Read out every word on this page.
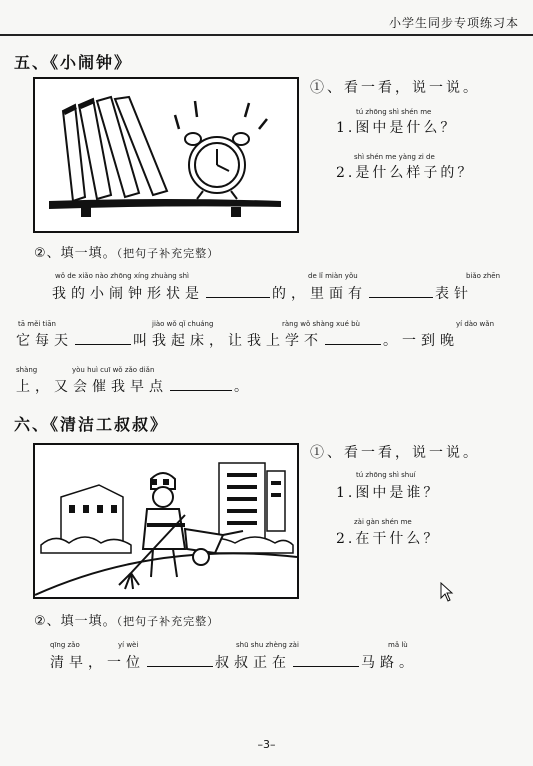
小学生同步专项练习本
五、《小闹钟》
①、看一看，说一说。
tú zhōng shì shén me
1.图中是什么？
shì shén me yàng zi de
2.是什么样子的？
②、填一填。（把句子补充完整）
wǒ de xiǎo nào zhōng xíng zhuàng shì	de lǐ miàn yǒu	biǎo zhēn
我的小闹钟形状是	的，里面有	表针
tā měi tiān	jiào wǒ qǐ chuáng	ràng wǒ shàng xué bù	yí dào wǎn
它每天	叫我起床，让我上学不	。一到晚
shàng	yòu huì cuī wǒ zǎo diǎn
上，又会催我早点	。
六、《清洁工叔叔》
①、看一看，说一说。
tú zhōng shì shuí
1.图中是谁？
zài gàn shén me
2.在干什么？
②、填一填。（把句子补充完整）
qīng zǎo	yí wèi	shū shu zhèng zài	mǎ lù
清早，一位	叔叔正在	马路。
–3–
